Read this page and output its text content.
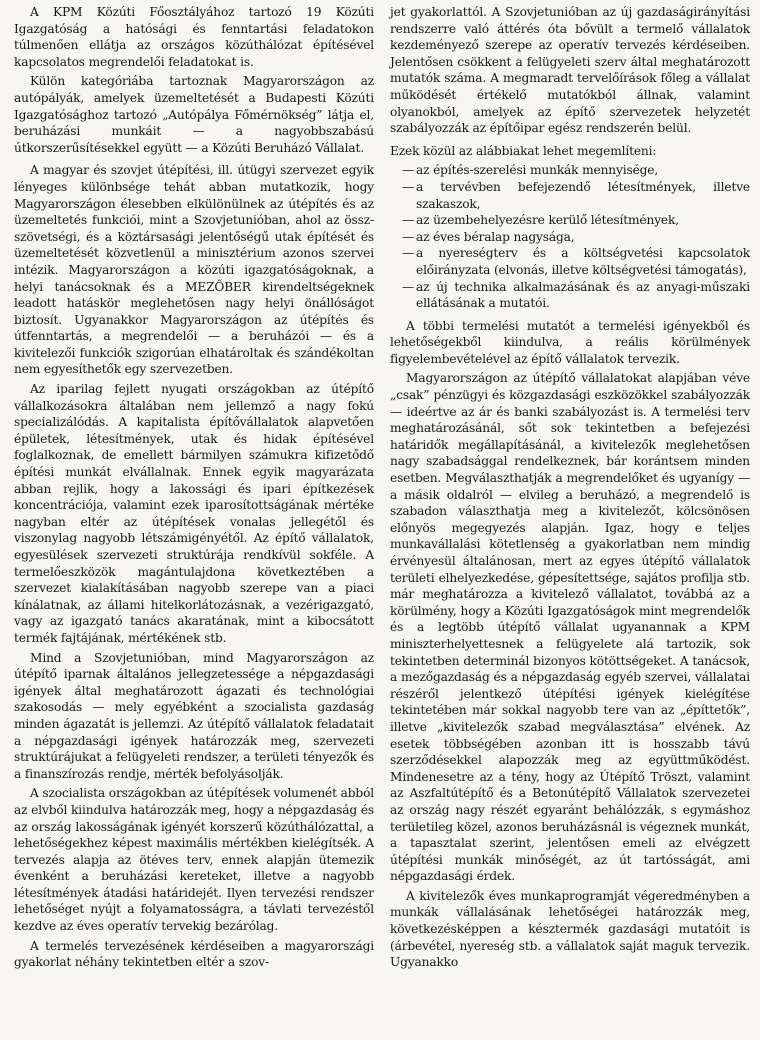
A KPM Közúti Főosztályához tartozó 19 Közúti Igazgatóság a hatósági és fenntartási feladatokon túlmenően ellátja az országos közúthálózat építésével kapcsolatos megrendelői feladatokat is.

Külön kategóriába tartoznak Magyarországon az autópályák, amelyek üzemeltetését a Budapesti Közúti Igazgatósághoz tartozó „Autópálya Főmérnökség” látja el, beruházási munkáit — a nagyobbszabású útkorszerűsítésekkel együtt — a Közúti Beruházó Vállalat.

A magyar és szovjet útépítési, ill. útügyi szervezet egyik lényeges különbsége tehát abban mutatkozik, hogy Magyarországon élesebben elkülönülnek az útépítés és az üzemeltetés funkciói, mint a Szovjetunióban, ahol az össz-szövetségi, és a köztársasági jelentőségű utak építését és üzemeltetését közvetlenül a minisztérium azonos szervei intézik. Magyarországon a közúti igazgatóságoknak, a helyi tanácsoknak és a MEZŐBER kirendeltségeknek leadott hatáskör meglehetősen nagy helyi önállóságot biztosít. Ugyanakkor Magyarországon az útépítés és útfenntartás, a megrendelői — a beruházói — és a kivitelezői funkciók szigorúan elhatároltak és szándékoltan nem egyesíthetők egy szervezetben.

Az iparilag fejlett nyugati országokban az útépítő vállalkozásokra általában nem jellemző a nagy fokú specializálódás. A kapitalista építővállalatok alapvetően épületek, létesítmények, utak és hidak építésével foglalkoznak, de emellett bármilyen számukra kifizetődő építési munkát elvállalnak. Ennek egyik magyarázata abban rejlik, hogy a lakossági és ipari építkezések koncentrációja, valamint ezek iparosítottságának mértéke nagyban eltér az útépítések vonalas jellegétől és viszonylag nagyobb létszámigényétől. Az építő vállalatok, egyesülések szervezeti struktúrája rendkívül sokféle. A termelőeszközök magántulajdona következtében a szervezet kialakításában nagyobb szerepe van a piaci kínálatnak, az állami hitelkorlátozásnak, a vezérigazgató, vagy az igazgató tanács akaratának, mint a kibocsátott termék fajtájának, mértékének stb.

Mind a Szovjetunióban, mind Magyarországon az útépítő iparnak általános jellegzetessége a népgazdasági igények által meghatározott ágazati és technológiai szakosodás — mely egyébként a szocialista gazdaság minden ágazatát is jellemzi. Az útépítő vállalatok feladatait a népgazdasági igények határozzák meg, szervezeti struktúrájukat a felügyeleti rendszer, a területi tényezők és a finanszírozás rendje, mérték befolyásolják.

A szocialista országokban az útépítések volumenét abból az elvből kiindulva határozzák meg, hogy a népgazdaság és az ország lakosságának igényét korszerű közúthálózattal, a lehetőségekhez képest maximális mértékben kielégítsék. A tervezés alapja az ötéves terv, ennek alapján ütemezik évenként a beruházási kereteket, illetve a nagyobb létesítmények átadási határidejét. Ilyen tervezési rendszer lehetőséget nyújt a folyamatosságra, a távlati tervezéstől kezdve az éves operatív tervekig bezárólag.

A termelés tervezésének kérdéseiben a magyarországi gyakorlat néhány tekintetben eltér a szov-

jet gyakorlattól. A Szovjetunióban az új gazdaságirányítási rendszerre való áttérés óta bővült a termelő vállalatok kezdeményező szerepe az operatív tervezés kérdéseiben. Jelentősen csökkent a felügyeleti szerv által meghatározott mutatók száma. A megmaradt tervelőírások főleg a vállalat működését értékelő mutatókból állnak, valamint olyanokból, amelyek az építő szervezetek helyzetét szabályozzák az építőipar egész rendszerén belül.

Ezek közül az alábbiakat lehet megemlíteni:

— az építés-szerelési munkák mennyisége,
— a tervévben befejezendő létesítmények, illetve szakaszok,
— az üzembehelyezésre kerülő létesítmények,
— az éves béralap nagysága,
— a nyereségterv és a költségvetési kapcsolatok előirányzata (elvonás, illetve költségvetési támogatás),
— az új technika alkalmazásának és az anyagi-műszaki ellátásának a mutatói.

A többi termelési mutatót a termelési igényekből és lehetőségekből kiindulva, a reális körülmények figyelembevételével az építő vállalatok tervezik.

Magyarországon az útépítő vállalatokat alapjában véve „csak” pénzügyi és közgazdasági eszközökkel szabályozzák — ideértve az ár és banki szabályozást is. A termelési terv meghatározásánál, sőt sok tekintetben a befejezési határidők megállapításánál, a kivitelezők meglehetősen nagy szabadsággal rendelkeznek, bár korántsem minden esetben. Megválaszthatják a megrendelőket és ugyanígy — a másik oldalról — elvileg a beruházó, a megrendelő is szabadon választhatja meg a kivitelezőt, kölcsönösen előnyös megegyezés alapján. Igaz, hogy e teljes munkavállalási kötetlenség a gyakorlatban nem mindig érvényesül általánosan, mert az egyes útépítő vállalatok területi elhelyezkedése, gépesítettsége, sajátos profilja stb. már meghatározza a kivitelező vállalatot, továbbá az a körülmény, hogy a Közúti Igazgatóságok mint megrendelők és a legtöbb útépítő vállalat ugyanannak a KPM miniszterhelyettesnek a felügyelete alá tartozik, sok tekintetben determinál bizonyos kötöttségeket. A tanácsok, a mezőgazdaság és a népgazdaság egyéb szervei, vállalatai részéről jelentkező útépítési igények kielégítése tekintetében már sokkal nagyobb tere van az „építtetők”, illetve „kivitelezők szabad megválasztása” elvének. Az esetek többségében azonban itt is hosszabb távú szerződésekkel alapozzák meg az együttműködést. Mindenesetre az a tény, hogy az Útépítő Tröszt, valamint az Aszfaltútépítő és a Betonútépítő Vállalatok szervezetei az ország nagy részét egyaránt behálózzák, s egymáshoz területileg közel, azonos beruházásnál is végeznek munkát, a tapasztalat szerint, jelentősen emeli az elvégzett útépítési munkák minőségét, az út tartósságát, ami népgazdasági érdek.

A kivitelezők éves munkaprogramját végeredményben a munkák vállalásának lehetőségei határozzák meg, következésképpen a késztermék gazdasági mutatóit is (árbevétel, nyereség stb. a vállalatok saját maguk tervezik. Ugyanakko
